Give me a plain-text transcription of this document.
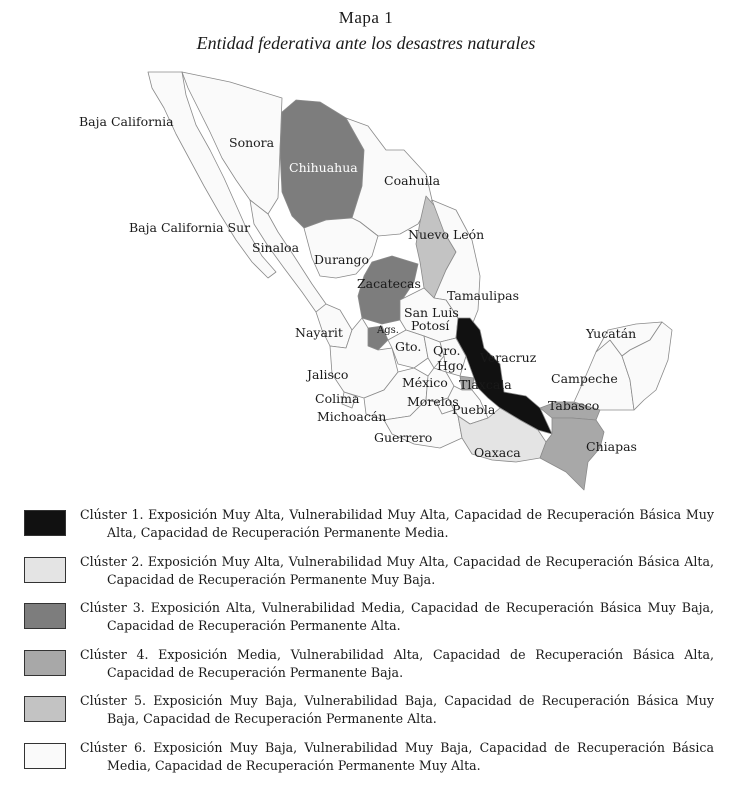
Mapa 1
Entidad federativa ante los desastres naturales
Baja California
Sonora
Chihuahua
Coahuila
Baja California Sur	Nuevo León
Sinaloa
Durango
Zacatecas
Tamaulipas
San Luis
Potosí
Nayarit	Ags.	Yucatán
Gto. Qro. Veracruz
Hgo.
Jalisco	Campeche
México Tlaxcala
Colima	Morelos	Tabasco
Michoacán	Puebla
Guerrero
Chiapas
Oaxaca
Clúster 1. Exposición Muy Alta, Vulnerabilidad Muy Alta, Capacidad de Recuperación Básica Muy Alta, Capacidad de Recuperación Permanente Media.
Clúster 2. Exposición Muy Alta, Vulnerabilidad Muy Alta, Capacidad de Recuperación Básica Alta, Capacidad de Recuperación Permanente Muy Baja.
Clúster 3. Exposición Alta, Vulnerabilidad Media, Capacidad de Recuperación Básica Muy Baja, Capacidad de Recuperación Permanente Alta.
Clúster 4. Exposición Media, Vulnerabilidad Alta, Capacidad de Recuperación Básica Alta, Capacidad de Recuperación Permanente Baja.
Clúster 5. Exposición Muy Baja, Vulnerabilidad Baja, Capacidad de Recuperación Básica Muy Baja, Capacidad de Recuperación Permanente Alta.
Clúster 6. Exposición Muy Baja, Vulnerabilidad Muy Baja, Capacidad de Recuperación Básica Media, Capacidad de Recuperación Permanente Muy Alta.
